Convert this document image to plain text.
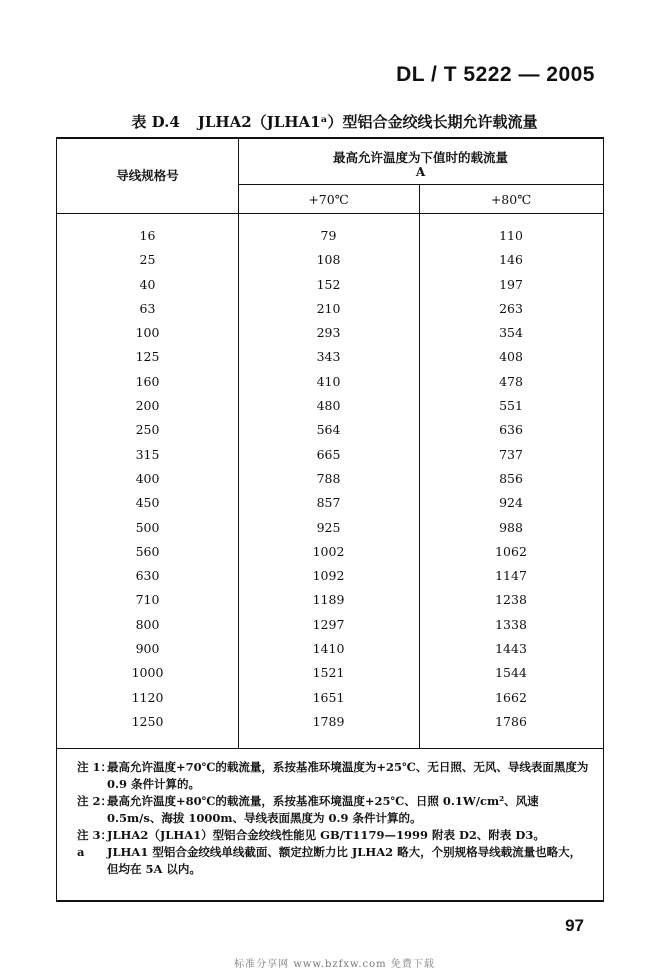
DL / T 5222 — 2005
表 D.4 JLHA2（JLHA1ᵃ）型铝合金绞线长期允许载流量
导线规格号
最高允许温度为下值时的载流量
A
+70℃	+80℃
16	79	110
25	108	146
40	152	197
63	210	263
100	293	354
125	343	408
160	410	478
200	480	551
250	564	636
315	665	737
400	788	856
450	857	924
500	925	988
560	1002	1062
630	1092	1147
710	1189	1238
800	1297	1338
900	1410	1443
1000	1521	1544
1120	1651	1662
1250	1789	1786
注 1：
最高允许温度+70℃的载流量，系按基准环境温度为+25℃、无日照、无风、导线表面黑度为 0.9 条件计算的。
注 2：
最高允许温度+80℃的载流量，系按基准环境温度+25℃、日照 0.1W/cm²、风速 0.5m/s、海拔 1000m、导线表面黑度为 0.9 条件计算的。
注 3：
JLHA2（JLHA1）型铝合金绞线性能见 GB/T1179—1999 附表 D2、附表 D3。
a JLHA1 型铝合金绞线单线截面、额定拉断力比 JLHA2 略大，个别规格导线载流量也略大，但均在 5A 以内。
97
标准分享网 www.bzfxw.com 免费下载
